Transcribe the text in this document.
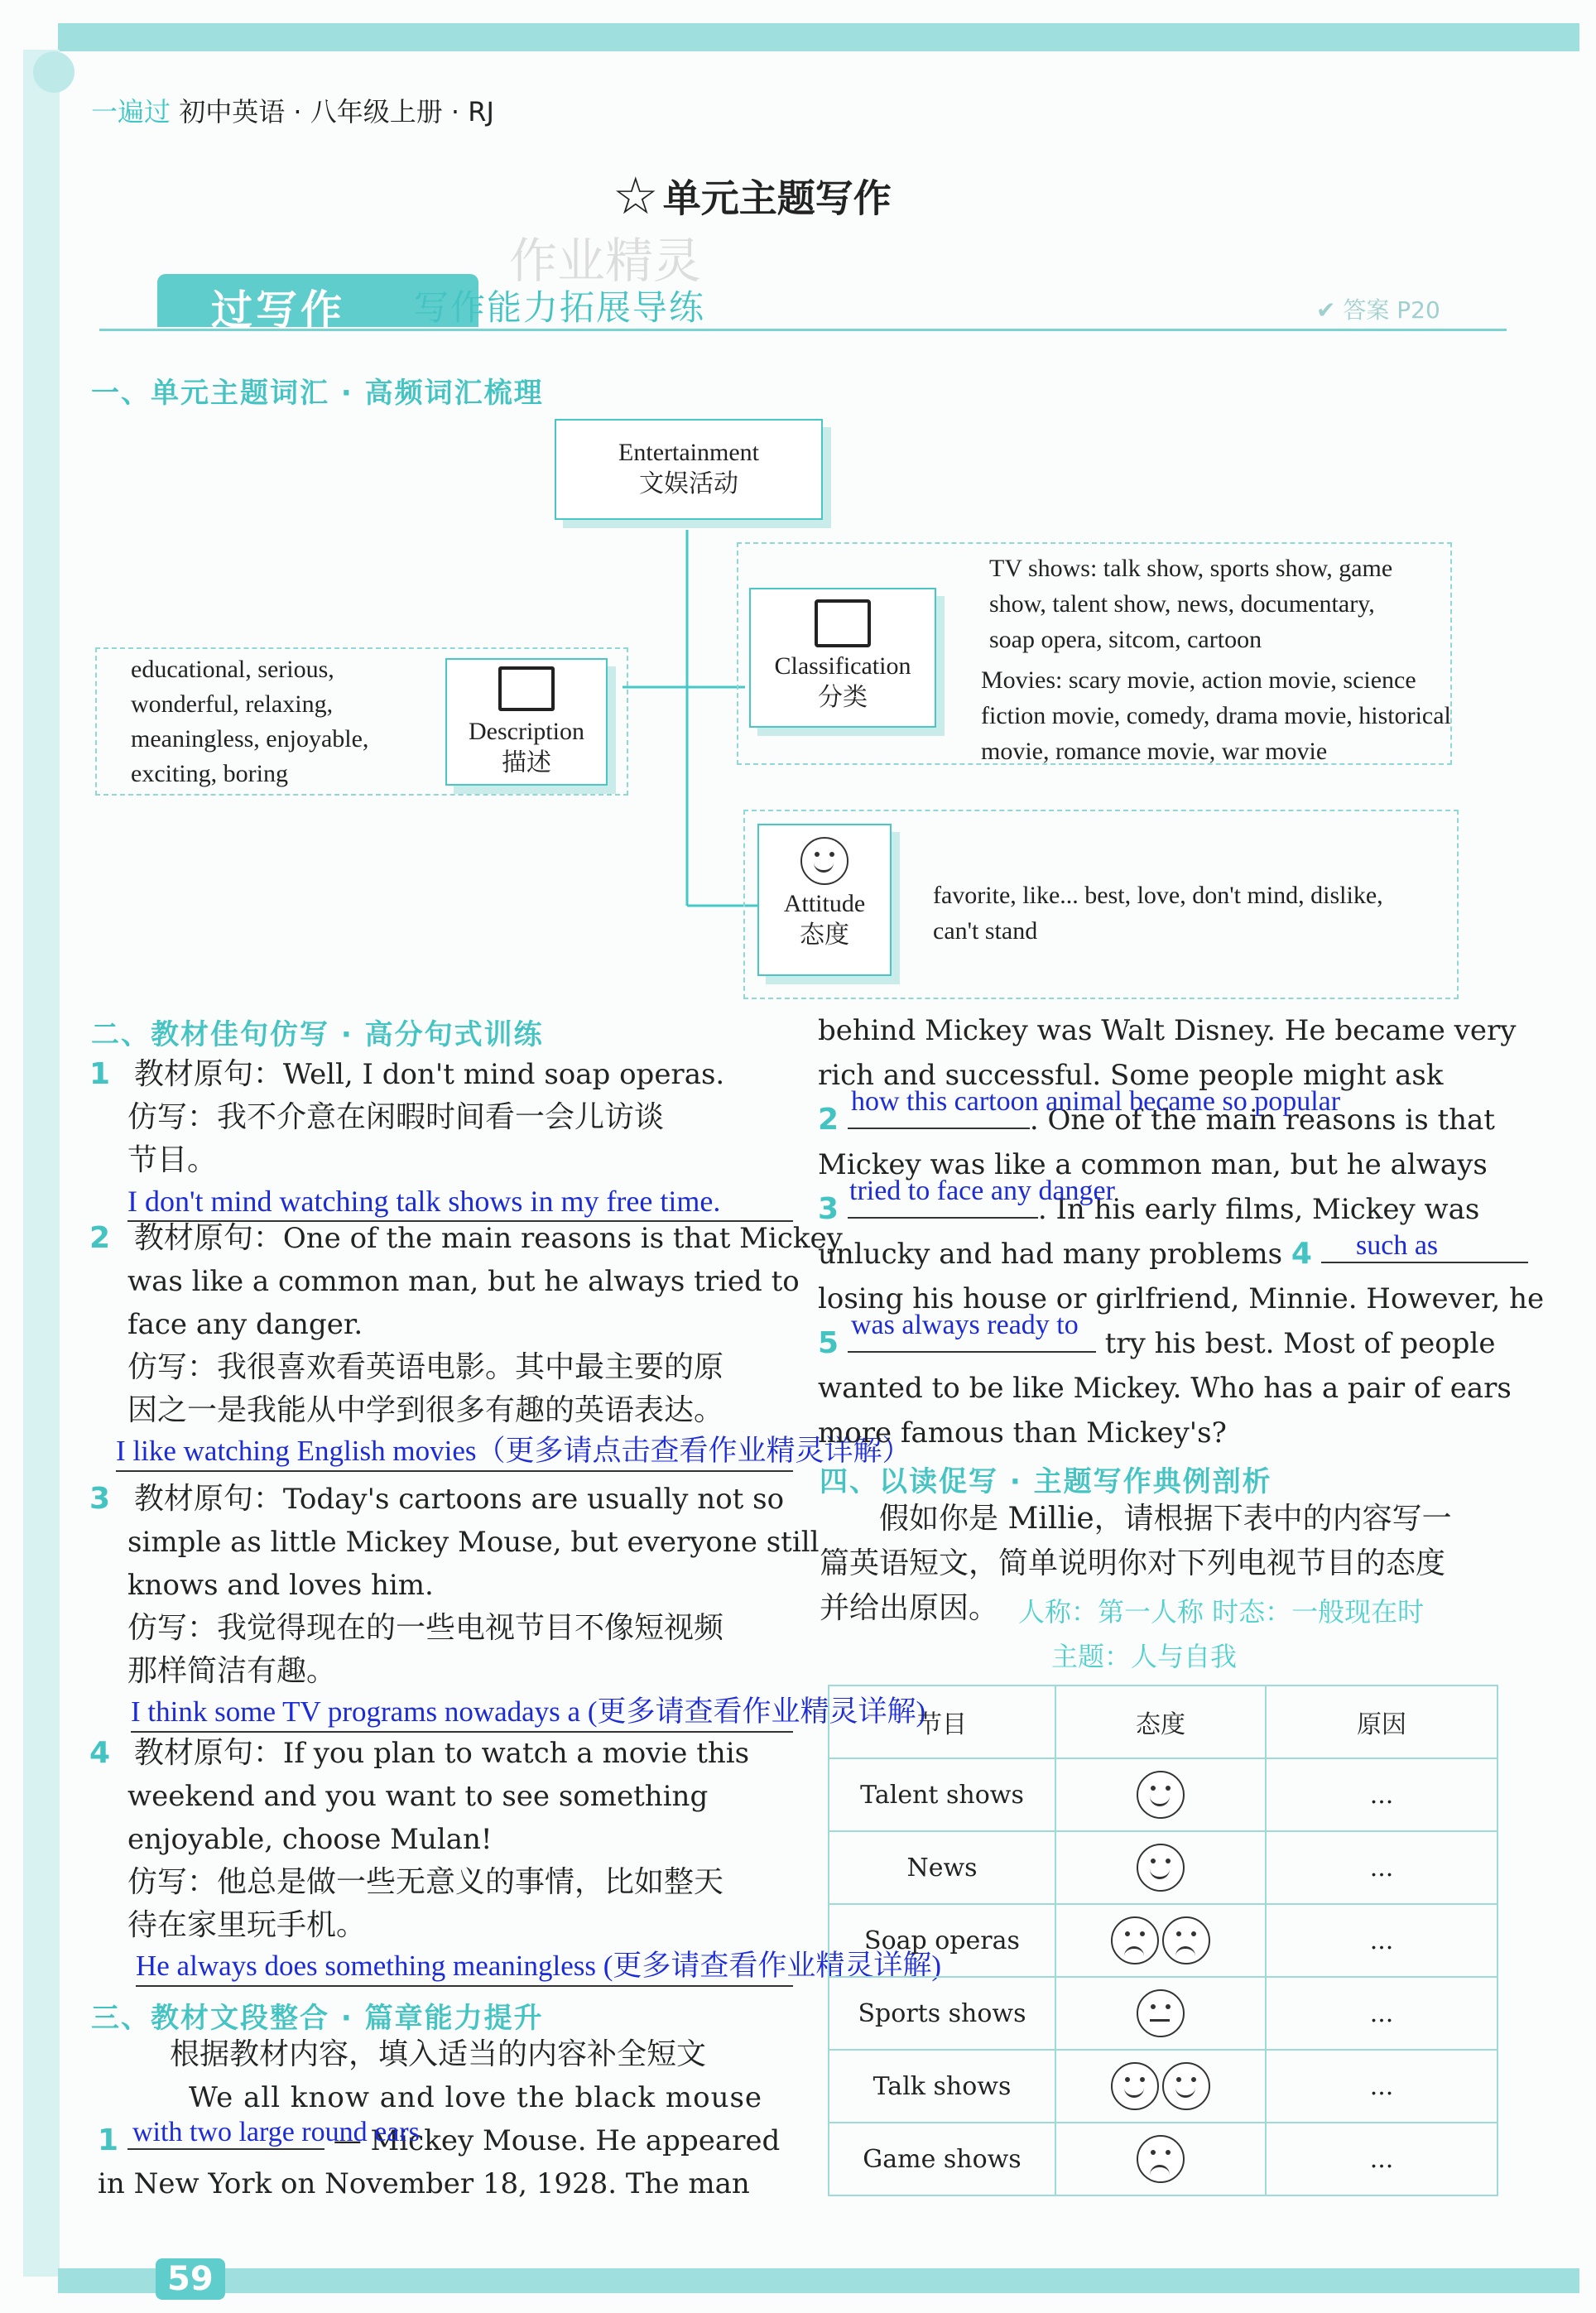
一遍过 初中英语 · 八年级上册 · RJ
☆ 单元主题写作
作业精灵
过写作 写作能力拓展导练	✔ 答案 P20
一、单元主题词汇 · 高频词汇梳理
Entertainment
文娱活动
Classification
分类
TV shows: talk show, sports show, game
show, talent show, news, documentary,
soap opera, sitcom, cartoon
Movies: scary movie, action movie, science
fiction movie, comedy, drama movie, historical
movie, romance movie, war movie
educational, serious,
wonderful, relaxing,
meaningless, enjoyable,
exciting, boring
Description
描述
Attitude
态度
favorite, like... best, love, don't mind, dislike,
can't stand
二、教材佳句仿写 · 高分句式训练
1 教材原句：Well, I don't mind soap operas.
仿写：我不介意在闲暇时间看一会儿访谈
节目。
I don't mind watching talk shows in my free time.
2 教材原句：One of the main reasons is that Mickey
was like a common man, but he always tried to
face any danger.
仿写：我很喜欢看英语电影。其中最主要的原
因之一是我能从中学到很多有趣的英语表达。
I like watching English movies（更多请点击查看作业精灵详解）
3 教材原句：Today's cartoons are usually not so
simple as little Mickey Mouse, but everyone still
knows and loves him.
仿写：我觉得现在的一些电视节目不像短视频
那样简洁有趣。
I think some TV programs nowadays a (更多请查看作业精灵详解)
4 教材原句：If you plan to watch a movie this
weekend and you want to see something
enjoyable, choose Mulan!
仿写：他总是做一些无意义的事情，比如整天
待在家里玩手机。
He always does something meaningless (更多请查看作业精灵详解)
三、教材文段整合 · 篇章能力提升
根据教材内容，填入适当的内容补全短文
We all know and love the black mouse
1	— Mickey Mouse. He appeared
with two large round ears
in New York on November 18, 1928. The man
behind Mickey was Walt Disney. He became very
rich and successful. Some people might ask
2	. One of the main reasons is that
how this cartoon animal became so popular
Mickey was like a common man, but he always
3	. In his early films, Mickey was
tried to face any danger
unlucky and had many problems 4 such as
losing his house or girlfriend, Minnie. However, he
5	try his best. Most of people
was always ready to
wanted to be like Mickey. Who has a pair of ears
more famous than Mickey's?
四、以读促写 · 主题写作典例剖析
假如你是 Millie，请根据下表中的内容写一
篇英语短文，简单说明你对下列电视节目的态度
并给出原因。 人称：第一人称 时态：一般现在时
主题：人与自我
节目	态度	原因
Talent shows		...
News		...
Soap operas		...
Sports shows		...
Talk shows		...
Game shows		...
59
